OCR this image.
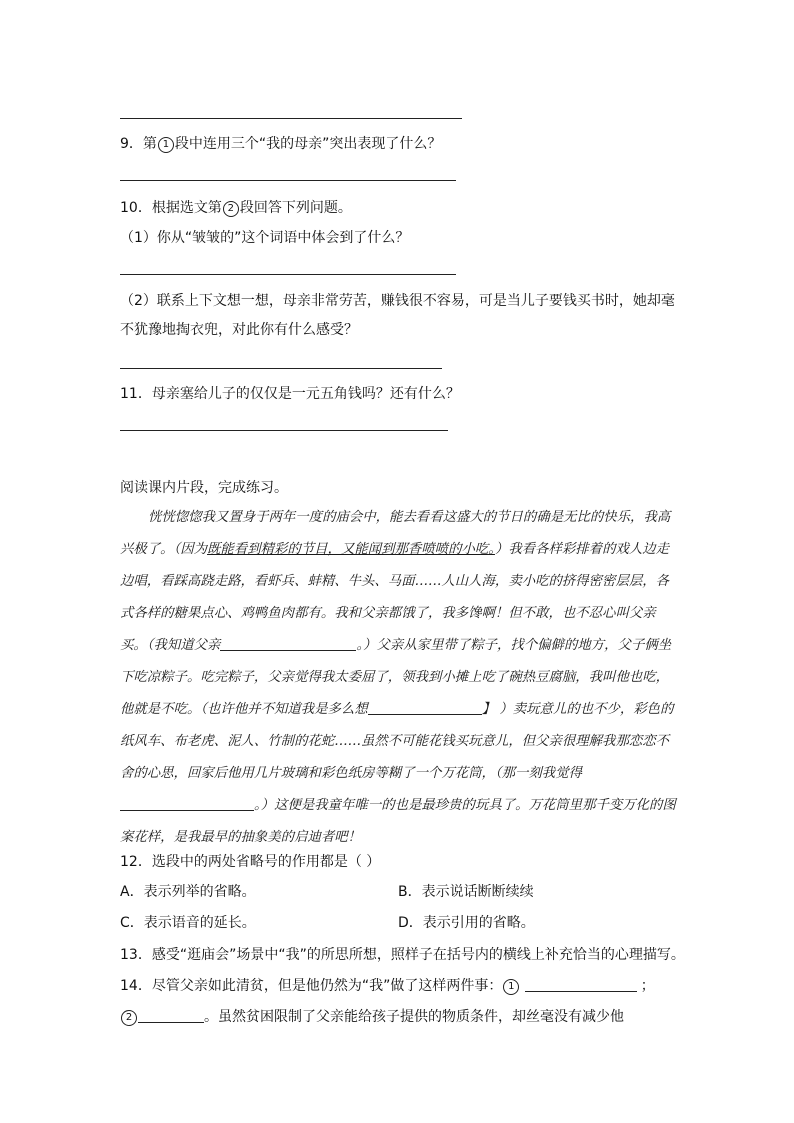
9．第 1 段中连用三个“我的母亲”突出表现了什么？
10．根据选文第 2 段回答下列问题。
（1）你从“皱皱的”这个词语中体会到了什么？
（2）联系上下文想一想，母亲非常劳苦，赚钱很不容易，可是当儿子要钱买书时，她却毫
不犹豫地掏衣兜，对此你有什么感受？
11．母亲塞给儿子的仅仅是一元五角钱吗？还有什么？
阅读课内片段，完成练习。
恍恍惚惚我又置身于两年一度的庙会中，能去看看这盛大的节日的确是无比的快乐，我高兴极了。（因为既能看到精彩的节目，又能闻到那香喷喷的小吃。）我看各样彩排着的戏人边走边唱，看踩高跷走路，看虾兵、蚌精、牛头、马面……人山人海，卖小吃的挤得密密层层，各式各样的糖果点心、鸡鸭鱼肉都有。我和父亲都饿了，我多馋啊！但不敢，也不忍心叫父亲买。（我知道父亲	。）父亲从家里带了粽子，找个偏僻的地方，父子俩坐下吃凉粽子。吃完粽子，父亲觉得我太委屈了，领我到小摊上吃了碗热豆腐脑，我叫他也吃，他就是不吃。（也许他并不知道我是多么想	】 ）卖玩意儿的也不少，彩色的纸风车、布老虎、泥人、竹制的花蛇……虽然不可能花钱买玩意儿，但父亲很理解我那恋恋不舍的心思，回家后他用几片玻璃和彩色纸房等糊了一个万花筒，（那一刻我觉得。）这便是我童年唯一的也是最珍贵的玩具了。万花筒里那千变万化的图案花样，是我最早的抽象美的启迪者吧！
12．选段中的两处省略号的作用都是（ ）
A．表示列举的省略。	B．表示说话断断续续
C．表示语音的延长。	D．表示引用的省略。
13．感受“逛庙会”场景中“我”的所思所想，照样子在括号内的横线上补充恰当的心理描写。
14．尽管父亲如此清贫，但是他仍然为“我”做了这样两件事： 1	；
2	。虽然贫困限制了父亲能给孩子提供的物质条件，却丝毫没有减少他
